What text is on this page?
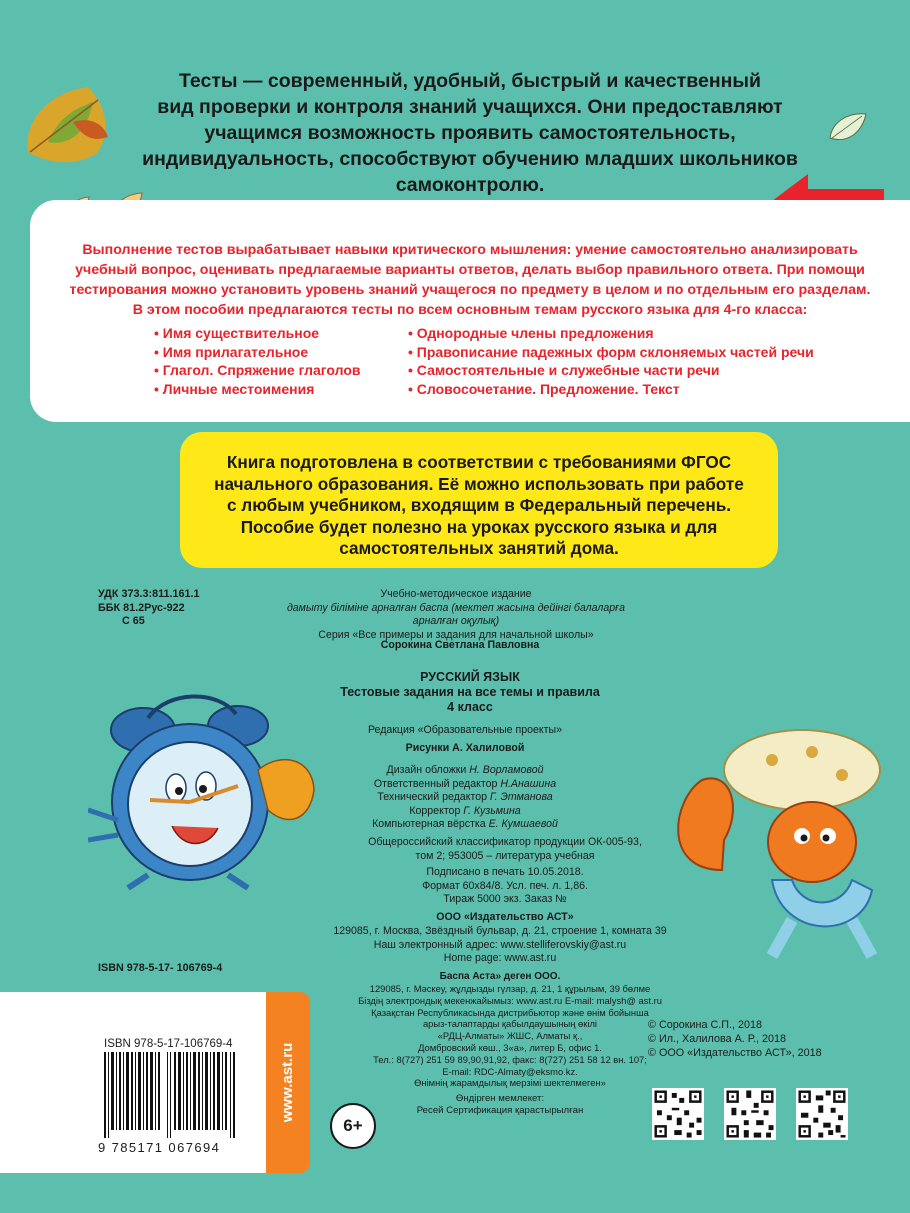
Тесты — современный, удобный, быстрый и качественный
вид проверки и контроля знаний учащихся. Они предоставляют
учащимся возможность проявить самостоятельность,
индивидуальность, способствуют обучению младших школьников
самоконтролю.
Выполнение тестов вырабатывает навыки критического мышления: умение самостоятельно анализировать
учебный вопрос, оценивать предлагаемые варианты ответов, делать выбор правильного ответа. При помощи
тестирования можно установить уровень знаний учащегося по предмету в целом и по отдельным его разделам.
В этом пособии предлагаются тесты по всем основным темам русского языка для 4-го класса:
• Имя существительное
• Имя прилагательное
• Глагол. Спряжение глаголов
• Личные местоимения
• Однородные члены предложения
• Правописание падежных форм склоняемых частей речи
• Самостоятельные и служебные части речи
• Словосочетание. Предложение. Текст
Книга подготовлена в соответствии с требованиями ФГОС
начального образования. Её можно использовать при работе
с любым учебником, входящим в Федеральный перечень.
Пособие будет полезно на уроках русского языка и для
самостоятельных занятий дома.
УДК 373.3:811.161.1
ББК 81.2Рус-922
С 65
Учебно-методическое издание
дамыту бiлiмiне арналған баспа (мектеп жасына дейiнгi балаларға арналған оқулық)
Серия «Все примеры и задания для начальной школы»
Сорокина Светлана Павловна
РУССКИЙ ЯЗЫК
Тестовые задания на все темы и правила
4 класс
Редакция «Образовательные проекты»
Рисунки А. Халиловой
Дизайн обложки Н. Ворламовой
Ответственный редактор Н.Анашина
Технический редактор Г. Этманова
Корректор Г. Кузьмина
Компьютерная вёрстка Е. Кумшаевой
Общероссийский классификатор продукции ОК-005-93,
том 2; 953005 – литература учебная
Подписано в печать 10.05.2018.
Формат 60х84/8. Усл. печ. л. 1,86.
Тираж 5000 экз. Заказ №
ООО «Издательство АСТ»
129085, г. Москва, Звёздный бульвар, д. 21, строение 1, комната 39
Наш электронный адрес: www.stelliferovskiy@ast.ru
Home page: www.ast.ru
Баспа Аста» деген ООО.
129085, г. Мәскеу, жұлдызды гүлзар, д. 21, 1 құрылым, 39 бөлме
Біздің электрондық мекенжайымыз: www.ast.ru E-mail: malysh@ ast.ru
Қазақстан Республикасында дистрибьютор және өнім бойынша
арыз-талаптарды қабылдаушының өкілі
«РДЦ-Алматы» ЖШС, Алматы қ.,
Домбровский көш., 3«а», литер Б, офис 1.
Тел.: 8(727) 251 59 89,90,91,92, факс: 8(727) 251 58 12 вн. 107;
E-mail: RDC-Almaty@eksmo.kz.
Өнімнің жарамдылық мерзімі шектелмеген»
Өндірген мемлекет:
Ресей Сертификация қарастырылған
ISBN 978-5-17- 106769-4
ISBN 978-5-17-106769-4
9 785171 067694
www.ast.ru
6+
© Сорокина С.П., 2018
© Ил., Халилова А. Р., 2018
© ООО «Издательство АСТ», 2018
